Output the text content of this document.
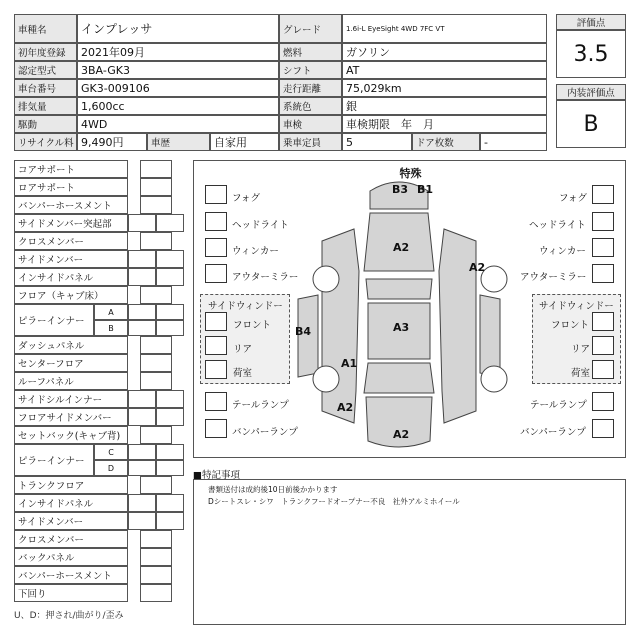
車種名	インプレッサ	グレード	1.6i-L EyeSight 4WD 7FC VT
初年度登録	2021年09月	燃料	ガソリン
認定型式	3BA-GK3	シフト	AT
車台番号	GK3-009106	走行距離	75,029km
排気量	1,600cc	系統色	銀
駆動	4WD	車検	車検期限　年　月
リサイクル料 9,490円	車歴	自家用	乗車定員	5	ドア枚数	-
評価点
3.5
内装評価点
B
コアサポート
ロアサポート
バンパーホースメント
サイドメンバー突起部
クロスメンバー
サイドメンバー
インサイドパネル
フロア（キャブ床）
ピラーインナー
A
B
ダッシュパネル
センターフロア
ルーフパネル
サイドシルインナー
フロアサイドメンバー
セットバック(キャブ背)
ピラーインナー
C
D
トランクフロア
インサイドパネル
サイドメンバー
クロスメンバー
バックパネル
バンパーホースメント
下回り
U、D：押され/曲がり/歪み
特殊
B3 B1
A2
A2
A3
B4
A1
A2
A2
フォグ
ヘッドライト
ウィンカー
アウターミラー
サイドウィンドー
フロント
リア
荷室
テールランプ
バンパーランプ
フォグ
ヘッドライト
ウィンカー
アウターミラー
サイドウィンドー
フロント
リア
荷室
テールランプ
バンパーランプ
■特記事項
書類送付は成約後10日前後かかります
Dシートスレ・シワ　トランクフードオープナー不良　社外アルミホイール
